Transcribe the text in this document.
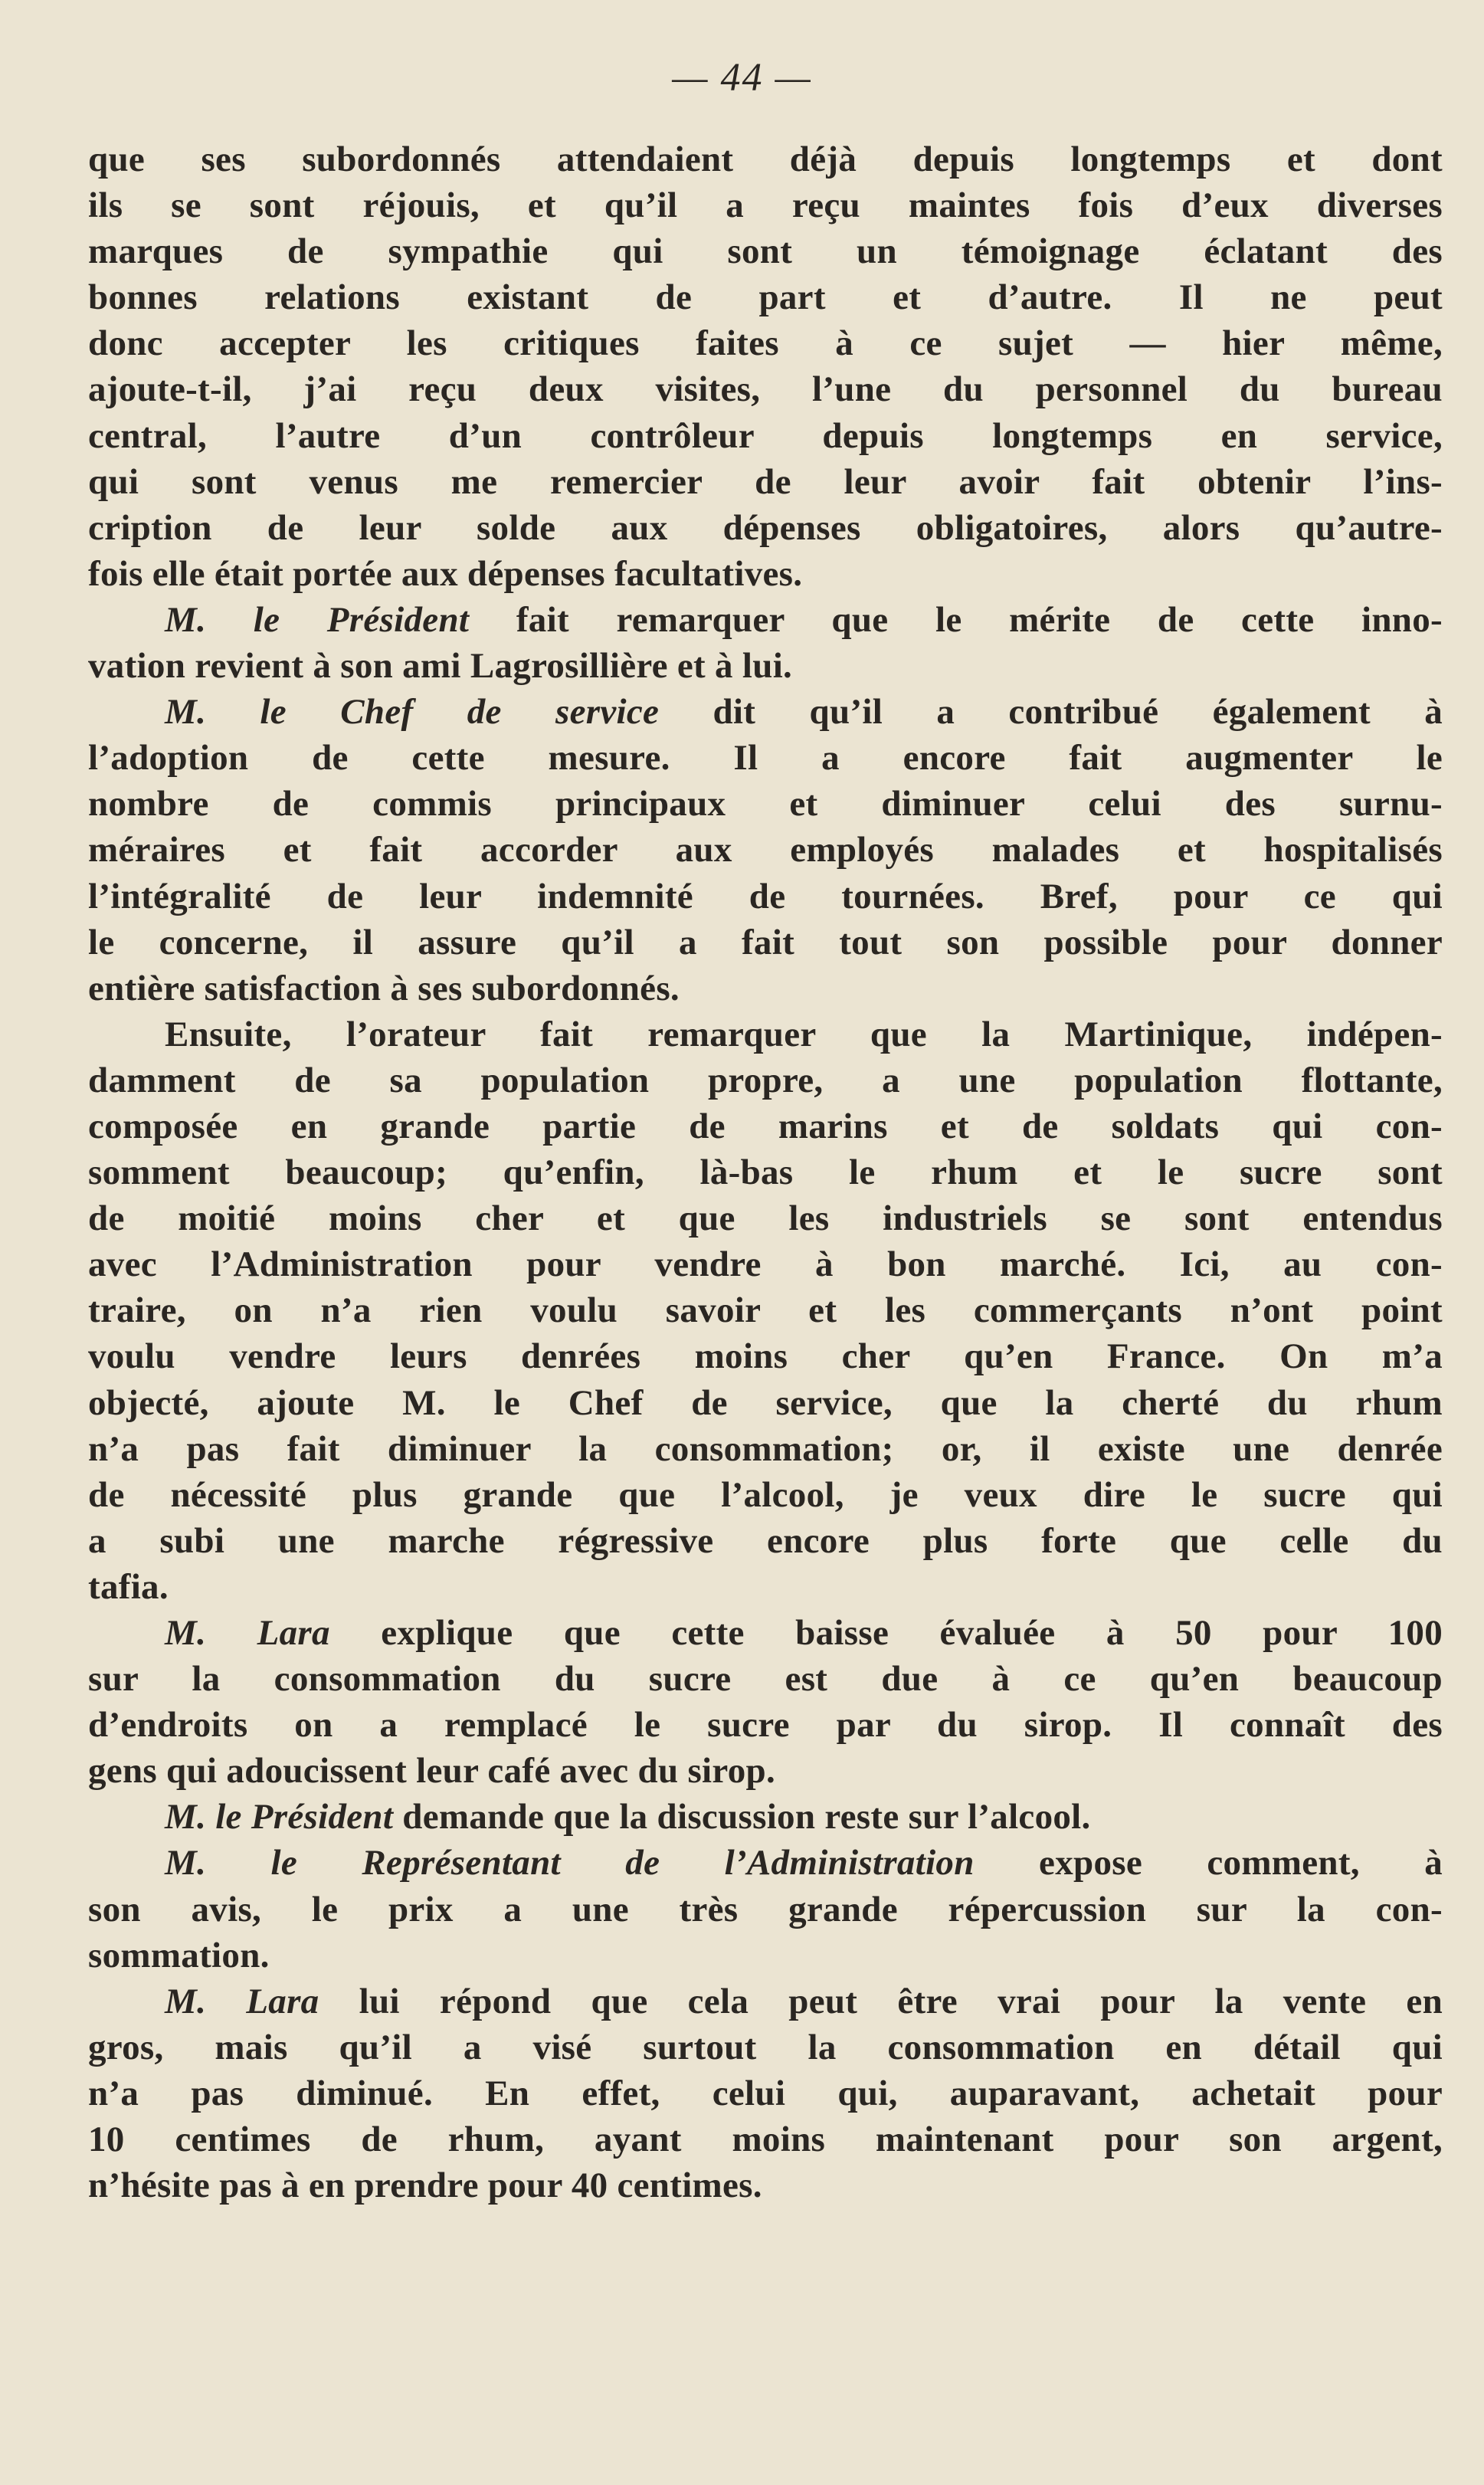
— 44 —
que ses subordonnés attendaient déjà depuis longtemps et dont
ils se sont réjouis, et qu’il a reçu maintes fois d’eux diverses
marques de sympathie qui sont un témoignage éclatant des
bonnes relations existant de part et d’autre. Il ne peut
donc accepter les critiques faites à ce sujet — hier même,
ajoute-t-il, j’ai reçu deux visites, l’une du personnel du bureau
central, l’autre d’un contrôleur depuis longtemps en service,
qui sont venus me remercier de leur avoir fait obtenir l’ins-
cription de leur solde aux dépenses obligatoires, alors qu’autre-
fois elle était portée aux dépenses facultatives.
M. le Président fait remarquer que le mérite de cette inno-
vation revient à son ami Lagrosillière et à lui.
M. le Chef de service dit qu’il a contribué également à
l’adoption de cette mesure. Il a encore fait augmenter le
nombre de commis principaux et diminuer celui des surnu-
méraires et fait accorder aux employés malades et hospitalisés
l’intégralité de leur indemnité de tournées. Bref, pour ce qui
le concerne, il assure qu’il a fait tout son possible pour donner
entière satisfaction à ses subordonnés.
Ensuite, l’orateur fait remarquer que la Martinique, indépen-
damment de sa population propre, a une population flottante,
composée en grande partie de marins et de soldats qui con-
somment beaucoup; qu’enfin, là-bas le rhum et le sucre sont
de moitié moins cher et que les industriels se sont entendus
avec l’Administration pour vendre à bon marché. Ici, au con-
traire, on n’a rien voulu savoir et les commerçants n’ont point
voulu vendre leurs denrées moins cher qu’en France. On m’a
objecté, ajoute M. le Chef de service, que la cherté du rhum
n’a pas fait diminuer la consommation; or, il existe une denrée
de nécessité plus grande que l’alcool, je veux dire le sucre qui
a subi une marche régressive encore plus forte que celle du
tafia.
M. Lara explique que cette baisse évaluée à 50 pour 100
sur la consommation du sucre est due à ce qu’en beaucoup
d’endroits on a remplacé le sucre par du sirop. Il connaît des
gens qui adoucissent leur café avec du sirop.
M. le Président demande que la discussion reste sur l’alcool.
M. le Représentant de l’Administration expose comment, à
son avis, le prix a une très grande répercussion sur la con-
sommation.
M. Lara lui répond que cela peut être vrai pour la vente en
gros, mais qu’il a visé surtout la consommation en détail qui
n’a pas diminué. En effet, celui qui, auparavant, achetait pour
10 centimes de rhum, ayant moins maintenant pour son argent,
n’hésite pas à en prendre pour 40 centimes.
